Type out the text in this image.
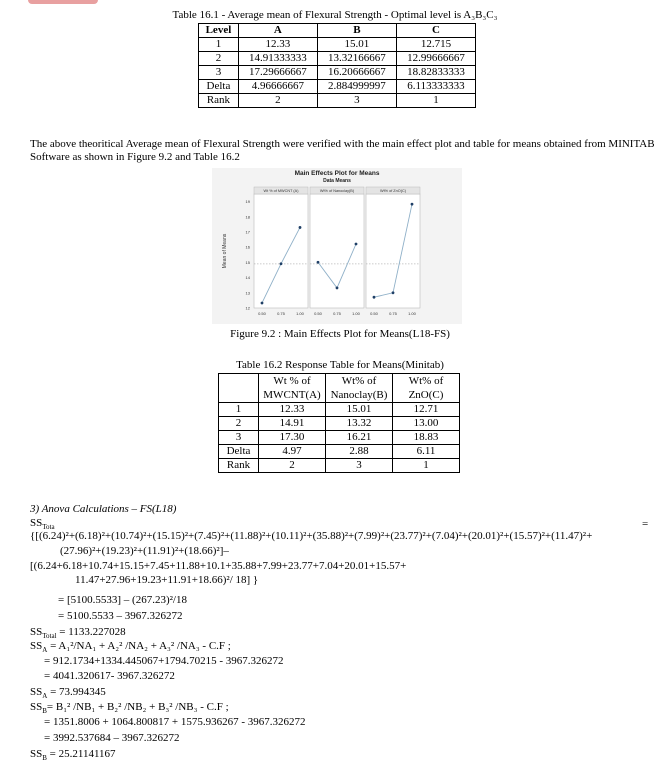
Table 16.1 - Average mean of Flexural Strength - Optimal level is A₃B₃C₃
Level	A	B	C
1	12.33	15.01	12.715
2	14.91333333	13.32166667	12.99666667
3	17.29666667	16.20666667	18.82833333
Delta	4.96666667	2.884999997	6.113333333
Rank	2	3	1
The above theoritical Average mean of Flexural Strength were verified with the main effect plot and table for means obtained from MINITAB Software as shown in Figure 9.2 and Table 16.2
Main Effects Plot for Means
Data Means
Mean of Means
12
13
14
15
16
17
18
19
Wt % of MWCNT (A)
0.50	0.75	1.00
Wt% of Nanoclay(B)
0.50	0.75	1.00
Wt% of ZnO(C)
0.50	0.75	1.00
Figure 9.2 : Main Effects Plot for Means(L18-FS)
Table 16.2 Response Table for Means(Minitab)
	Wt % of MWCNT(A)	Wt% of Nanoclay(B)	Wt% of ZnO(C)
1	12.33	15.01	12.71
2	14.91	13.32	13.00
3	17.30	16.21	18.83
Delta	4.97	2.88	6.11
Rank	2	3	1
3) Anova Calculations – FS(L18)
$SS_{Tota}$	=
{[(6.24)²+(6.18)²+(10.74)²+(15.15)²+(7.45)²+(11.88)²+(10.11)²+(35.88)²+(7.99)²+(23.77)²+(7.04)²+(20.01)²+(15.57)²+(11.47)²+
(27.96)²+(19.23)²+(11.91)²+(18.66)²]–
[(6.24+6.18+10.74+15.15+7.45+11.88+10.1+35.88+7.99+23.77+7.04+20.01+15.57+
11.47+27.96+19.23+11.91+18.66)²/ 18] }
= [5100.5533] – (267.23)²/18
= 5100.5533 – 3967.326272
$SS_{Total} = 1133.227028$
$SS_A = A_1^2/NA_1 + A_2^2$ /NA₂ + A₃² /NA₃ - C.F ;
= 912.1734+1334.445067+1794.70215 - 3967.326272
= 4041.320617- 3967.326272
$SS_A = 73.994345$
$SS_B= B_1^2$ /NB₁ + B₂² /NB₂ + B₃² /NB₃ - C.F ;
= 1351.8006 + 1064.800817 + 1575.936267 - 3967.326272
= 3992.537684 – 3967.326272
$SS_B = 25.21141167$
